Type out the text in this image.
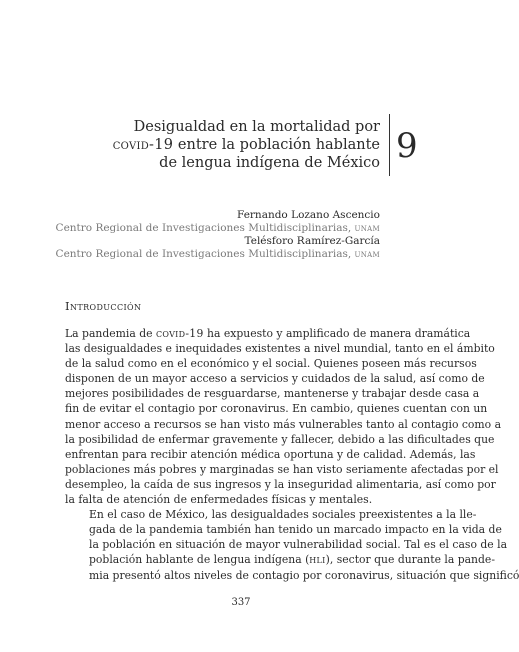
Desigualdad en la mortalidad por
covid-19 entre la población hablante
de lengua indígena de México 9
Fernando Lozano Ascencio
Centro Regional de Investigaciones Multidisciplinarias, unam
Telésforo Ramírez-García
Centro Regional de Investigaciones Multidisciplinarias, unam
Introducción

La pandemia de covid-19 ha expuesto y amplificado de manera dramática
las desigualdades e inequidades existentes a nivel mundial, tanto en el ámbito
de la salud como en el económico y el social. Quienes poseen más recursos
disponen de un mayor acceso a servicios y cuidados de la salud, así como de
mejores posibilidades de resguardarse, mantenerse y trabajar desde casa a
fin de evitar el contagio por coronavirus. En cambio, quienes cuentan con un
menor acceso a recursos se han visto más vulnerables tanto al contagio como a
la posibilidad de enfermar gravemente y fallecer, debido a las dificultades que
enfrentan para recibir atención médica oportuna y de calidad. Además, las
poblaciones más pobres y marginadas se han visto seriamente afectadas por el
desempleo, la caída de sus ingresos y la inseguridad alimentaria, así como por
la falta de atención de enfermedades físicas y mentales.

En el caso de México, las desigualdades sociales preexistentes a la lle-
gada de la pandemia también han tenido un marcado impacto en la vida de
la población en situación de mayor vulnerabilidad social. Tal es el caso de la
población hablante de lengua indígena (hli), sector que durante la pande-
mia presentó altos niveles de contagio por coronavirus, situación que significó

337
